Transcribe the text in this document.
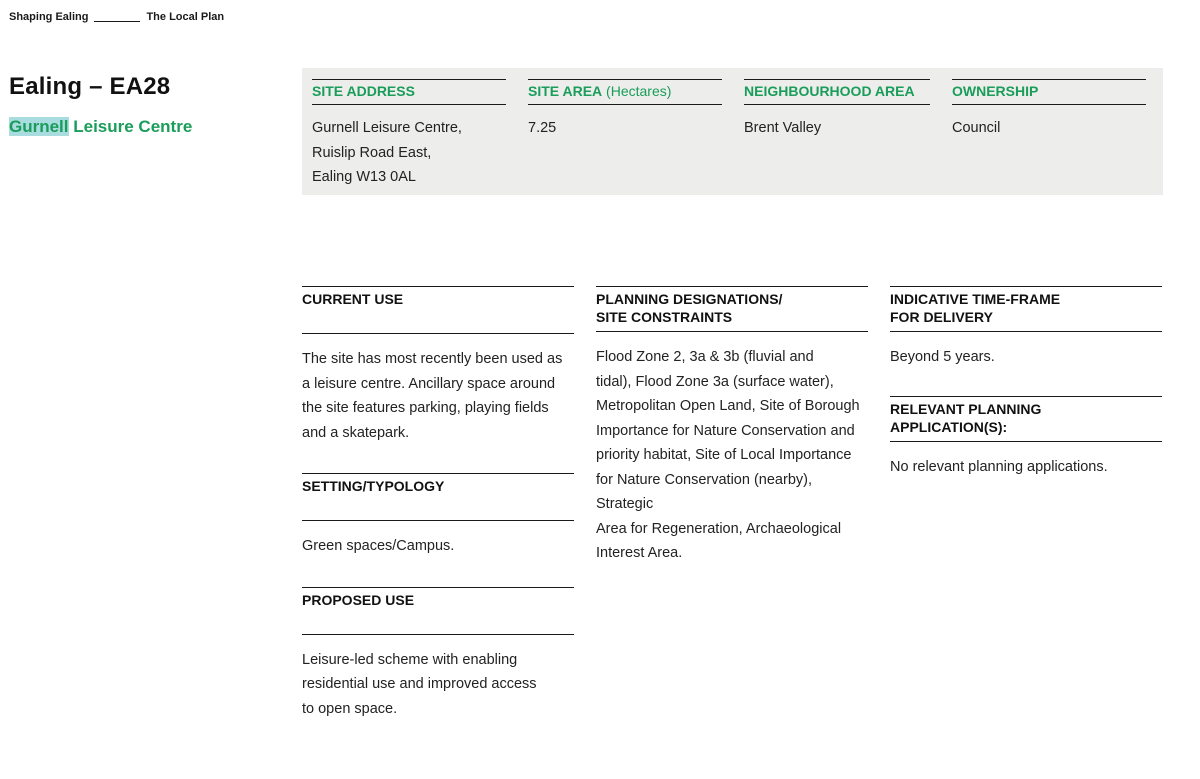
Shaping Ealing	The Local Plan
Ealing – EA28
Gurnell Leisure Centre
SITE ADDRESS
Gurnell Leisure Centre,
Ruislip Road East,
Ealing W13 0AL
SITE AREA (Hectares)
7.25
NEIGHBOURHOOD AREA
Brent Valley
OWNERSHIP
Council
CURRENT USE
The site has most recently been used as
a leisure centre. Ancillary space around
the site features parking, playing fields
and a skatepark.
SETTING/TYPOLOGY
Green spaces/Campus.
PROPOSED USE
Leisure-led scheme with enabling
residential use and improved access
to open space.
PLANNING DESIGNATIONS/
SITE CONSTRAINTS
Flood Zone 2, 3a & 3b (fluvial and
tidal), Flood Zone 3a (surface water),
Metropolitan Open Land, Site of Borough
Importance for Nature Conservation and
priority habitat, Site of Local Importance
for Nature Conservation (nearby), Strategic
Area for Regeneration, Archaeological
Interest Area.
INDICATIVE TIME-FRAME
FOR DELIVERY
Beyond 5 years.
RELEVANT PLANNING
APPLICATION(S):
No relevant planning applications.
